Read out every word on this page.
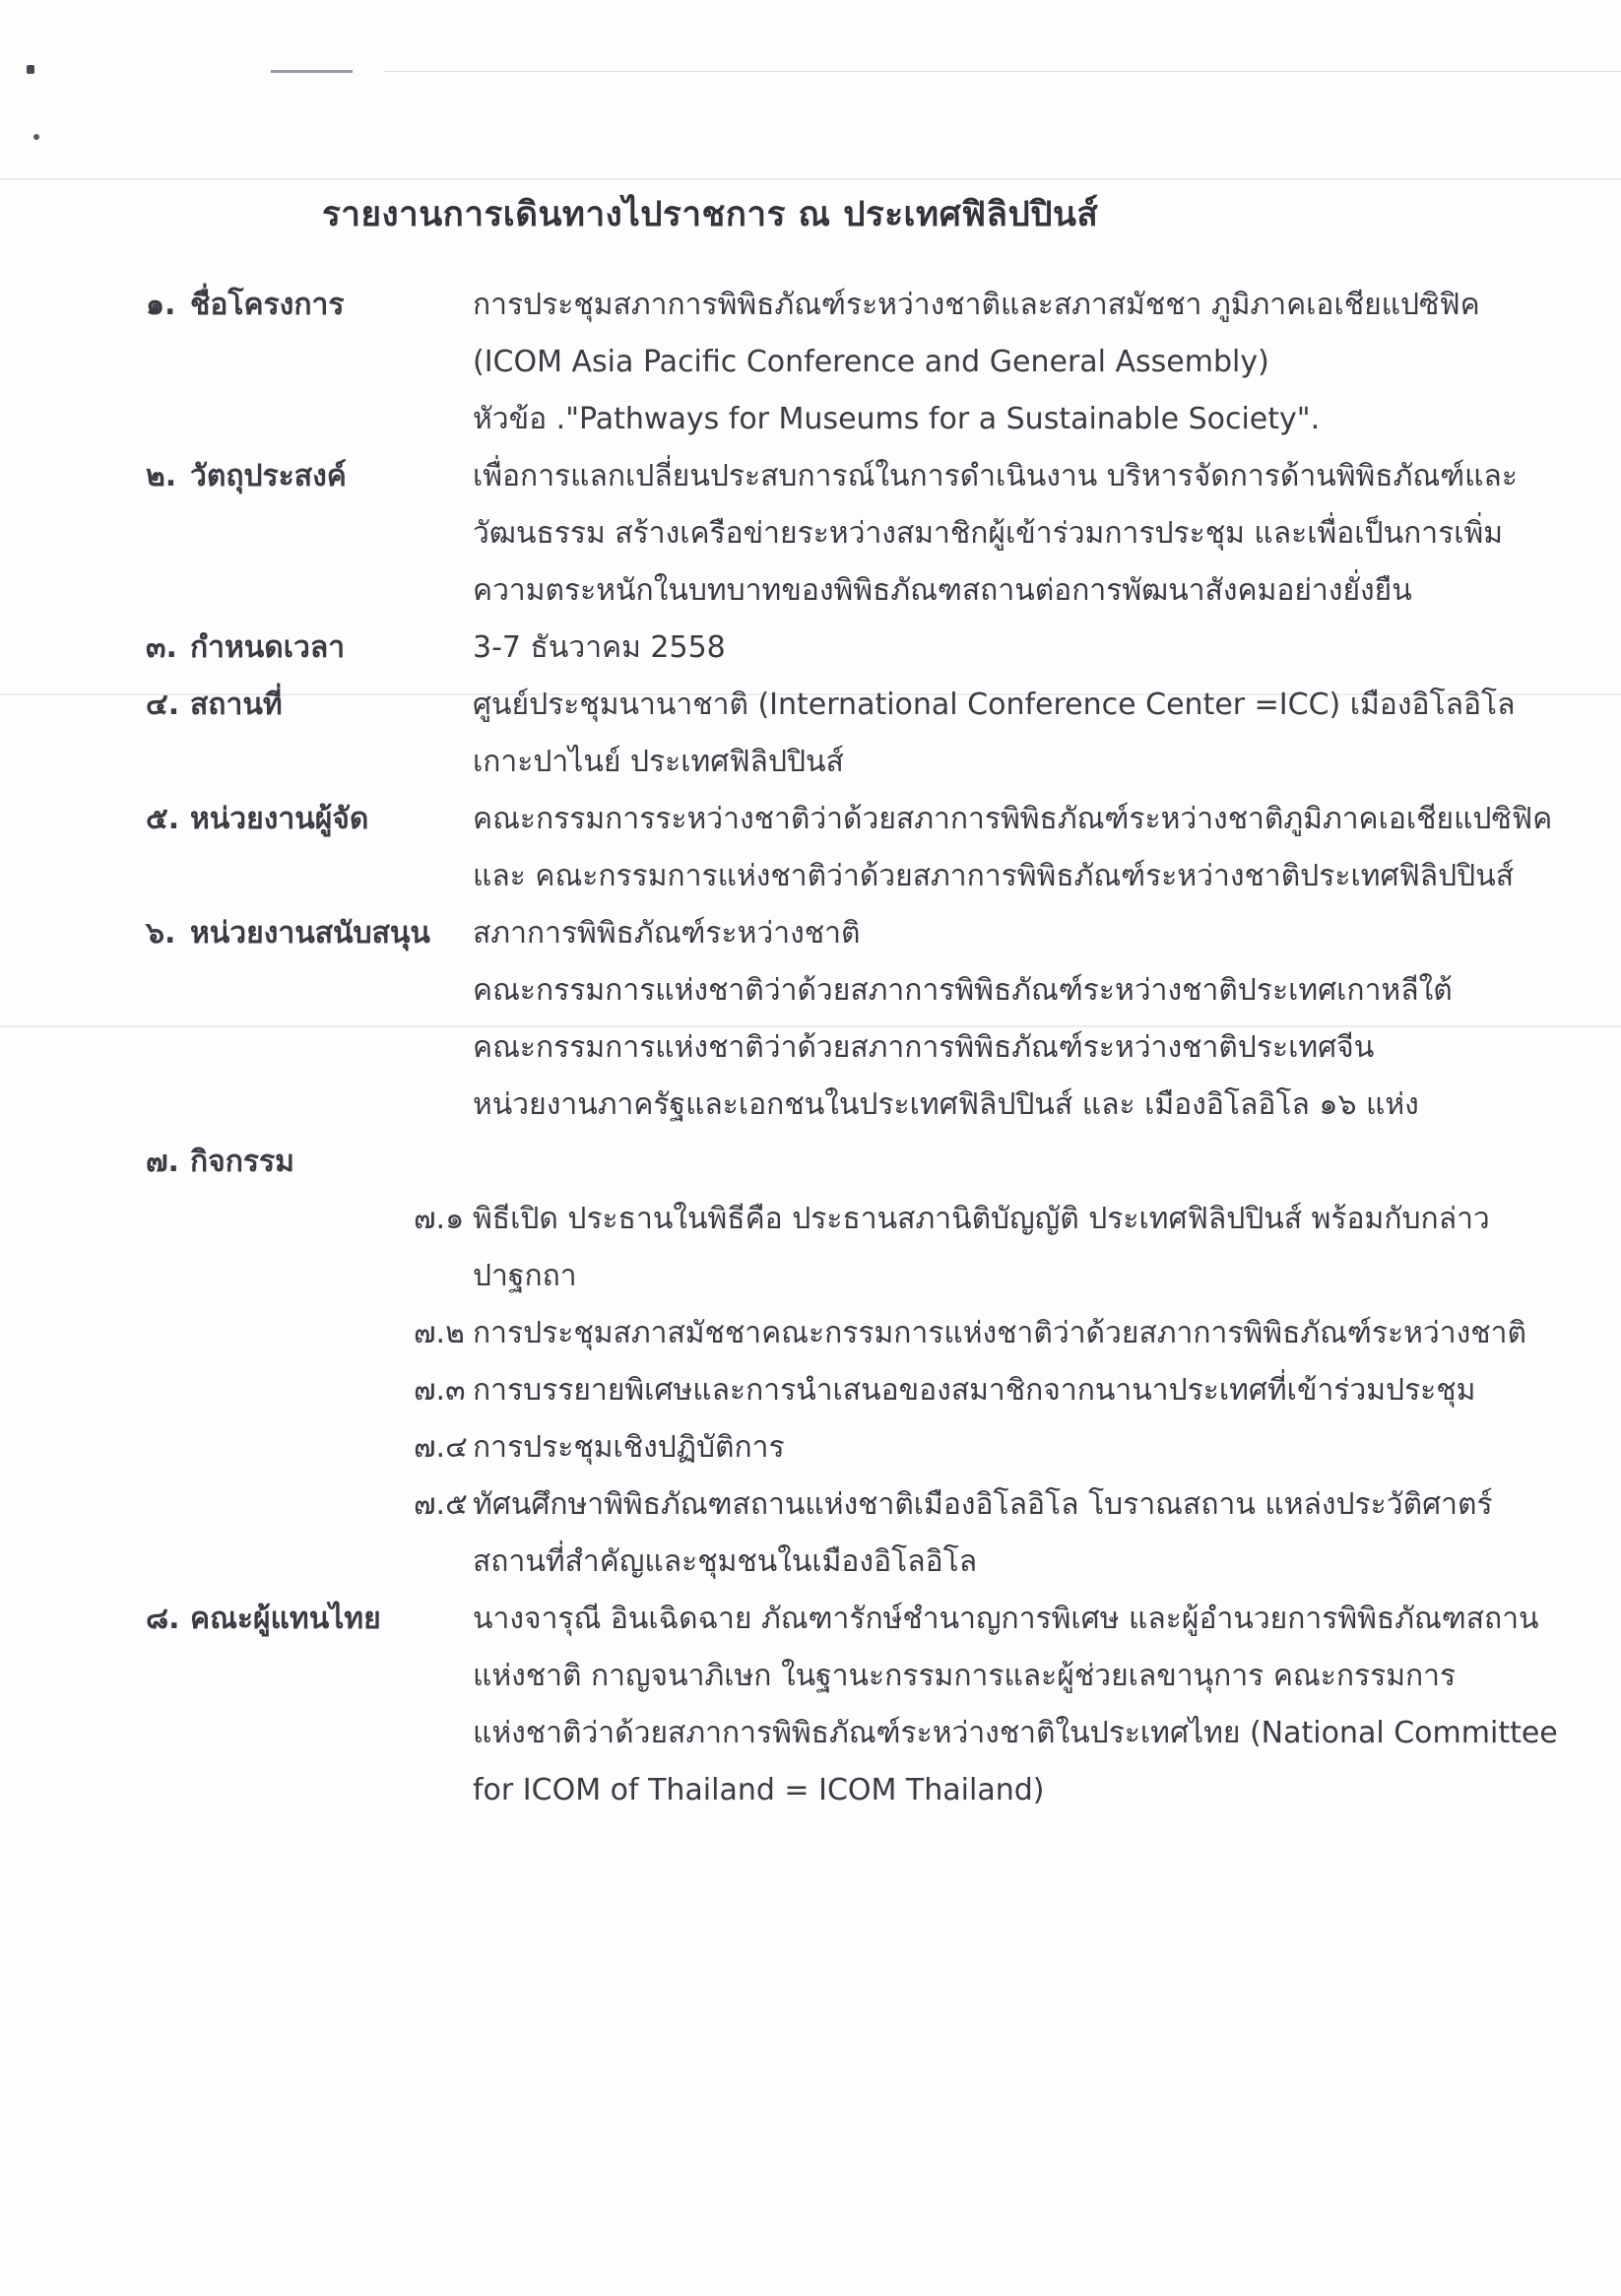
รายงานการเดินทางไปราชการ ณ ประเทศฟิลิปปินส์
๑. ชื่อโครงการ	การประชุมสภาการพิพิธภัณฑ์ระหว่างชาติและสภาสมัชชา ภูมิภาคเอเชียแปซิฟิค
(ICOM Asia Pacific Conference and General Assembly)
หัวข้อ ."Pathways for Museums for a Sustainable Society".
๒. วัตถุประสงค์	เพื่อการแลกเปลี่ยนประสบการณ์ในการดำเนินงาน บริหารจัดการด้านพิพิธภัณฑ์และ
วัฒนธรรม สร้างเครือข่ายระหว่างสมาชิกผู้เข้าร่วมการประชุม และเพื่อเป็นการเพิ่ม
ความตระหนักในบทบาทของพิพิธภัณฑสถานต่อการพัฒนาสังคมอย่างยั่งยืน
๓. กำหนดเวลา	3-7 ธันวาคม 2558
๔. สถานที่	ศูนย์ประชุมนานาชาติ (International Conference Center =ICC) เมืองอิโลอิโล
เกาะปาไนย์ ประเทศฟิลิปปินส์
๕. หน่วยงานผู้จัด	คณะกรรมการระหว่างชาติว่าด้วยสภาการพิพิธภัณฑ์ระหว่างชาติภูมิภาคเอเชียแปซิฟิค
และ คณะกรรมการแห่งชาติว่าด้วยสภาการพิพิธภัณฑ์ระหว่างชาติประเทศฟิลิปปินส์
๖. หน่วยงานสนับสนุน	สภาการพิพิธภัณฑ์ระหว่างชาติ
คณะกรรมการแห่งชาติว่าด้วยสภาการพิพิธภัณฑ์ระหว่างชาติประเทศเกาหลีใต้
คณะกรรมการแห่งชาติว่าด้วยสภาการพิพิธภัณฑ์ระหว่างชาติประเทศจีน
หน่วยงานภาครัฐและเอกชนในประเทศฟิลิปปินส์ และ เมืองอิโลอิโล ๑๖ แห่ง
๗. กิจกรรม
๗.๑ พิธีเปิด ประธานในพิธีคือ ประธานสภานิติบัญญัติ ประเทศฟิลิปปินส์ พร้อมกับกล่าว
ปาฐกถา
๗.๒ การประชุมสภาสมัชชาคณะกรรมการแห่งชาติว่าด้วยสภาการพิพิธภัณฑ์ระหว่างชาติ
๗.๓ การบรรยายพิเศษและการนำเสนอของสมาชิกจากนานาประเทศที่เข้าร่วมประชุม
๗.๔ การประชุมเชิงปฏิบัติการ
๗.๕ ทัศนศึกษาพิพิธภัณฑสถานแห่งชาติเมืองอิโลอิโล โบราณสถาน แหล่งประวัติศาตร์
สถานที่สำคัญและชุมชนในเมืองอิโลอิโล
๘. คณะผู้แทนไทย	นางจารุณี อินเฉิดฉาย ภัณฑารักษ์ชำนาญการพิเศษ และผู้อำนวยการพิพิธภัณฑสถาน
แห่งชาติ กาญจนาภิเษก ในฐานะกรรมการและผู้ช่วยเลขานุการ คณะกรรมการ
แห่งชาติว่าด้วยสภาการพิพิธภัณฑ์ระหว่างชาติในประเทศไทย (National Committee
for ICOM of Thailand = ICOM Thailand)
